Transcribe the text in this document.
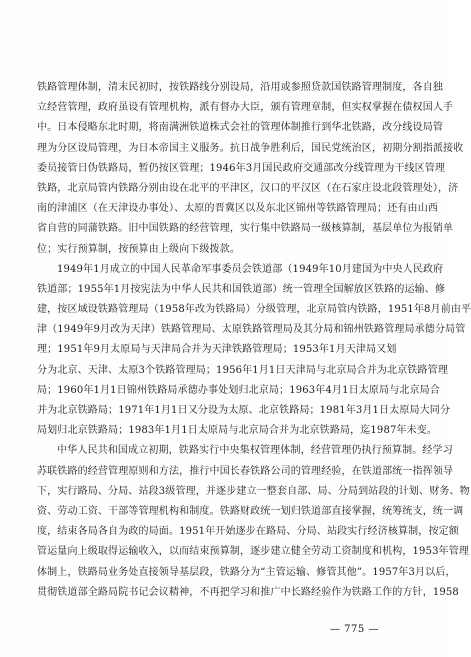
铁路管理体制，清末民初时，按铁路线分别设局，沿用或参照贷款国铁路管理制度，各自独
立经营管理，政府虽设有管理机构，派有督办大臣，颁有管理章制，但实权掌握在债权国人手
中。日本侵略东北时期，将南满洲铁道株式会社的管理体制推行到华北铁路，改分线设局管
理为分区设局管理，为日本帝国主义服务。抗日战争胜利后，国民党统治区，初期分割指派接收
委员接管日伪铁路局，暂仍按区管理；1946年3月国民政府交通部改分线管理为干线区管理
铁路，北京局管内铁路分别由设在北平的平津区，汉口的平汉区（在石家庄设北段管理处），济
南的津浦区（在天津设办事处）、太原的晋冀区以及东北区锦州等铁路管理局；还有由山西
省自营的同蒲铁路。旧中国铁路的经营管理，实行集中铁路局一级核算制，基层单位为报销单
位；实行预算制，按预算由上级向下级拨款。
1949年1月成立的中国人民革命军事委员会铁道部（1949年10月建国为中央人民政府
铁道部；1955年1月按宪法为中华人民共和国铁道部）统一管理全国解放区铁路的运输、修
建，按区域设铁路管理局（1958年改为铁路局）分级管理，北京局管内铁路，1951年8月前由平
津（1949年9月改为天津）铁路管理局、太原铁路管理局及其分局和锦州铁路管理局承德分局管
理；1951年9月太原局与天津局合并为天津铁路管理局；1953年1月天津局又划
分为北京、天津、太原3个铁路管理局；1956年1月1日天津局与北京局合并为北京铁路管理
局；1960年1月1日锦州铁路局承德办事处划归北京局；1963年4月1日太原局与北京局合
并为北京铁路局；1971年1月1日又分设为太原、北京铁路局；1981年3月1日太原局大同分
局划归北京铁路局；1983年1月1日太原局与北京局合并为北京铁路局，迄1987年未变。
中华人民共和国成立初期，铁路实行中央集权管理体制，经营管理仍执行预算制。经学习
苏联铁路的经营管理原则和方法，推行中国长春铁路公司的管理经验，在铁道部统一指挥领导
下，实行路局、分局、站段3级管理，并逐步建立一整套自部、局、分局到站段的计划、财务、物
资、劳动工资、干部等管理机构和制度。铁路财政统一划归铁道部直接掌握，统筹统支，统一调
度，结束各局各自为政的局面。1951年开始逐步在路局、分局、站段实行经济核算制，按定额
管运量向上级取得运输收入，以而结束预算制，逐步建立健全劳动工资制度和机构，1953年管理
体制上，铁路局业务处直接领导基层段，铁路分为“主管运输、修管其他”。1957年3月以后，
贯彻铁道部全路局院书记会议精神，不再把学习和推广中长路经验作为铁路工作的方针，1958
— 775 —
